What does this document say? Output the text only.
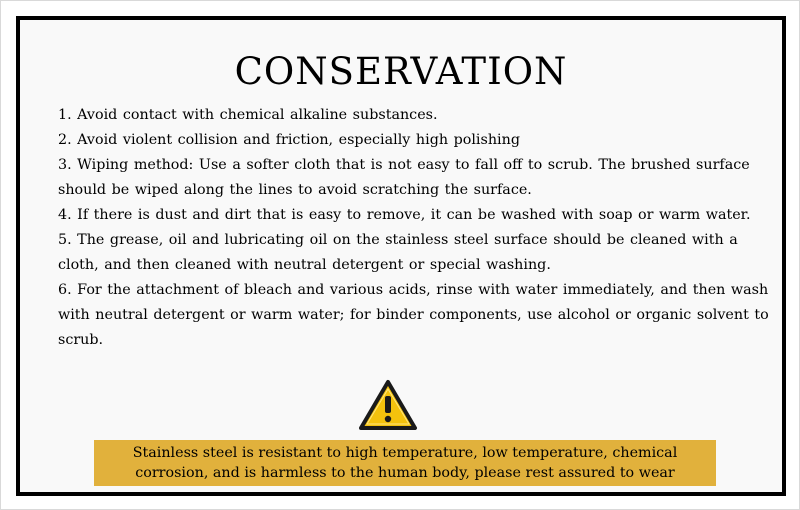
CONSERVATION

1. Avoid contact with chemical alkaline substances.

2. Avoid violent collision and friction, especially high polishing

3. Wiping method: Use a softer cloth that is not easy to fall off to scrub. The brushed surface should be wiped along the lines to avoid scratching the surface.

4. If there is dust and dirt that is easy to remove, it can be washed with soap or warm water.

5. The grease, oil and lubricating oil on the stainless steel surface should be cleaned with a cloth, and then cleaned with neutral detergent or special washing.

6. For the attachment of bleach and various acids, rinse with water immediately, and then wash with neutral detergent or warm water; for binder components, use alcohol or organic solvent to scrub.

Stainless steel is resistant to high temperature, low temperature, chemical corrosion, and is harmless to the human body, please rest assured to wear
